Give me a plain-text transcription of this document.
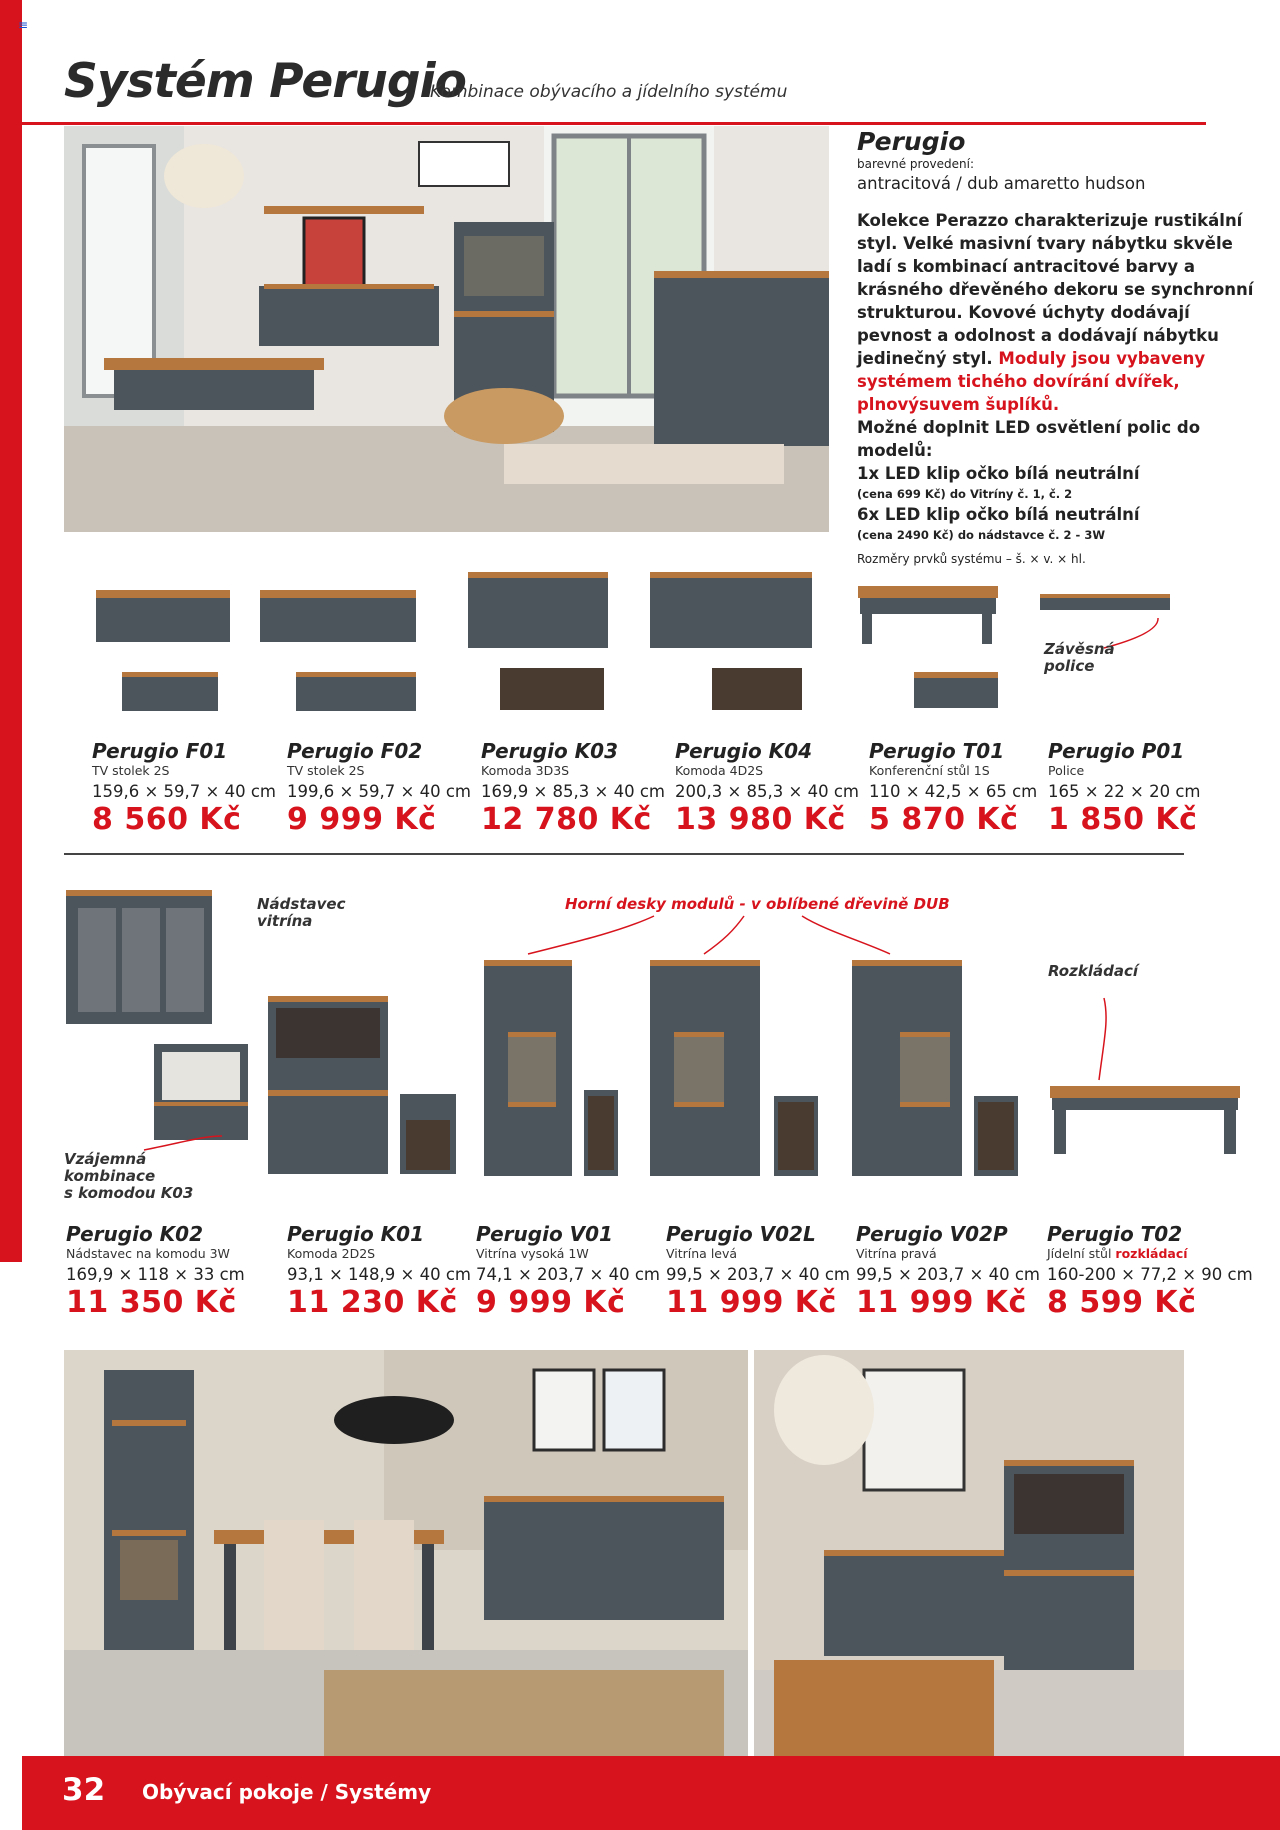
≡
Systém Perugio
Kombinace obývacího a jídelního systému
Perugio
barevné provedení:
antracitová / dub amaretto hudson
Kolekce Perazzo charakterizuje rustikální styl. Velké masivní tvary nábytku skvěle ladí s kombinací antracitové barvy a krásného dřevěného dekoru se synchronní strukturou. Kovové úchyty dodávají pevnost a odolnost a dodávají nábytku jedinečný styl. Moduly jsou vybaveny systémem tichého dovírání dvířek, plnovýsuvem šuplíků.
Možné doplnit LED osvětlení polic do modelů:
1x LED klip očko bílá neutrální
(cena 699 Kč) do Vitríny č. 1, č. 2
6x LED klip očko bílá neutrální
(cena 2490 Kč) do nádstavce č. 2 - 3W
Rozměry prvků systému – š. × v. × hl.
Závěsná
police
Perugio F01
TV stolek 2S
159,6 × 59,7 × 40 cm
8 560 Kč
Perugio F02
TV stolek 2S
199,6 × 59,7 × 40 cm
9 999 Kč
Perugio K03
Komoda 3D3S
169,9 × 85,3 × 40 cm
12 780 Kč
Perugio K04
Komoda 4D2S
200,3 × 85,3 × 40 cm
13 980 Kč
Perugio T01
Konferenční stůl 1S
110 × 42,5 × 65 cm
5 870 Kč
Perugio P01
Police
165 × 22 × 20 cm
1 850 Kč
Nádstavec
vitrína
Horní desky modulů - v oblíbené dřevině DUB
Rozkládací
Vzájemná
kombinace
s komodou K03
Perugio K02
Nádstavec na komodu 3W
169,9 × 118 × 33 cm
11 350 Kč
Perugio K01
Komoda 2D2S
93,1 × 148,9 × 40 cm
11 230 Kč
Perugio V01
Vitrína vysoká 1W
74,1 × 203,7 × 40 cm
9 999 Kč
Perugio V02L
Vitrína levá
99,5 × 203,7 × 40 cm
11 999 Kč
Perugio V02P
Vitrína pravá
99,5 × 203,7 × 40 cm
11 999 Kč
Perugio T02
Jídelní stůl rozkládací
160-200 × 77,2 × 90 cm
8 599 Kč
32 Obývací pokoje / Systémy
